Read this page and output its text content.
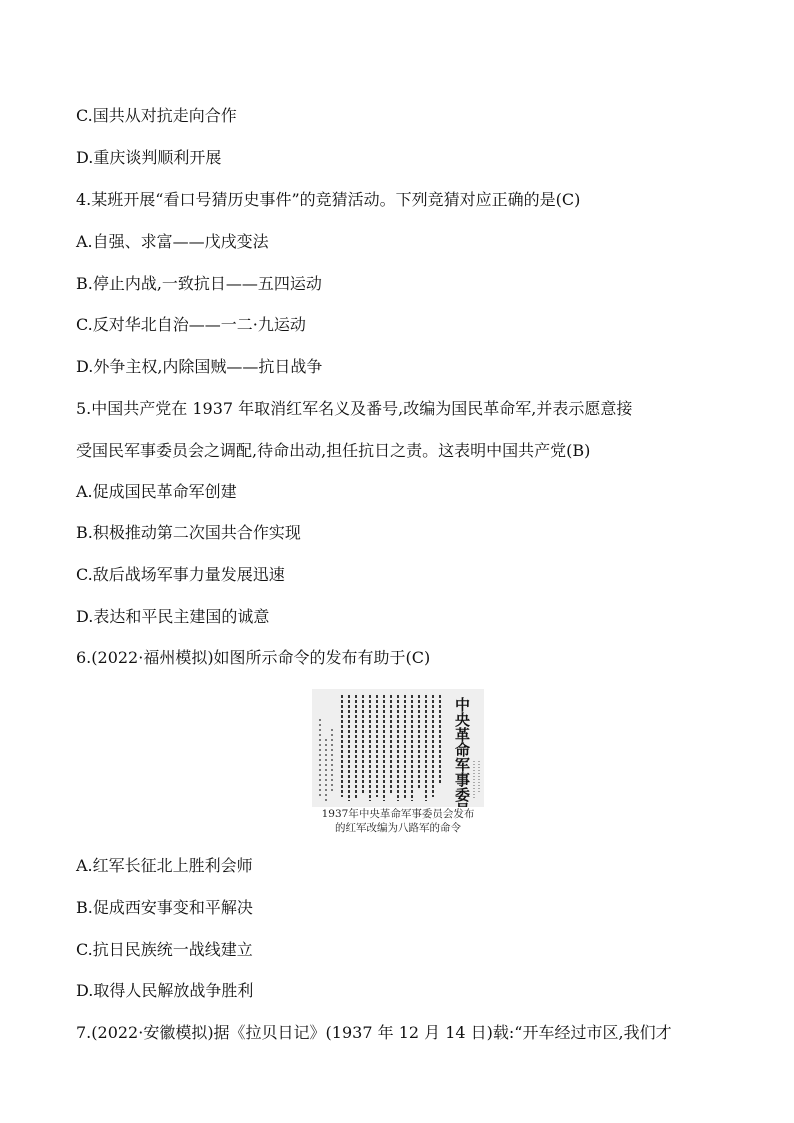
C.国共从对抗走向合作
D.重庆谈判顺利开展
4.某班开展“看口号猜历史事件”的竞猜活动。下列竞猜对应正确的是(C)
A.自强、求富——戊戌变法
B.停止内战,一致抗日——五四运动
C.反对华北自治——一二·九运动
D.外争主权,内除国贼——抗日战争
5.中国共产党在 1937 年取消红军名义及番号,改编为国民革命军,并表示愿意接
受国民军事委员会之调配,待命出动,担任抗日之责。这表明中国共产党(B)
A.促成国民革命军创建
B.积极推动第二次国共合作实现
C.敌后战场军事力量发展迅速
D.表达和平民主建国的诚意
6.(2022·福州模拟)如图所示命令的发布有助于(C)
A.红军长征北上胜利会师
B.促成西安事变和平解决
C.抗日民族统一战线建立
D.取得人民解放战争胜利
7.(2022·安徽模拟)据《拉贝日记》(1937 年 12 月 14 日)载:“开车经过市区,我们才
中央革命军事委员会命令
1937年中央革命军事委员会发布
的红军改编为八路军的命令
